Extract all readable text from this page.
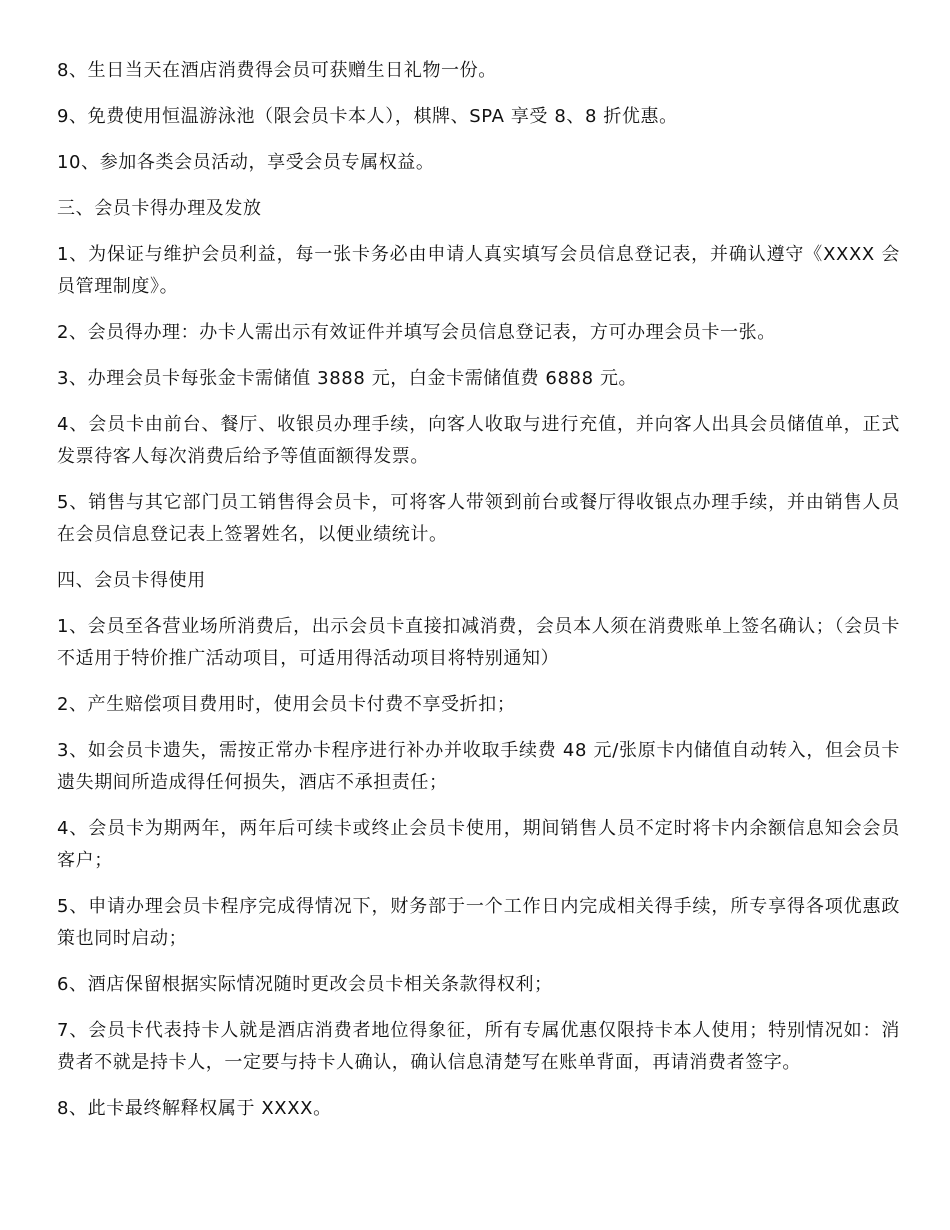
8、生日当天在酒店消费得会员可获赠生日礼物一份。

9、免费使用恒温游泳池（限会员卡本人），棋牌、SPA 享受 8、8 折优惠。

10、参加各类会员活动，享受会员专属权益。

三、会员卡得办理及发放

1、为保证与维护会员利益，每一张卡务必由申请人真实填写会员信息登记表，并确认遵守《XXXX 会员管理制度》。

2、会员得办理：办卡人需出示有效证件并填写会员信息登记表，方可办理会员卡一张。

3、办理会员卡每张金卡需储值 3888 元，白金卡需储值费 6888 元。

4、会员卡由前台、餐厅、收银员办理手续，向客人收取与进行充值，并向客人出具会员储值单，正式发票待客人每次消费后给予等值面额得发票。

5、销售与其它部门员工销售得会员卡，可将客人带领到前台或餐厅得收银点办理手续，并由销售人员在会员信息登记表上签署姓名，以便业绩统计。

四、会员卡得使用

1、会员至各营业场所消费后，出示会员卡直接扣减消费，会员本人须在消费账单上签名确认；（会员卡不适用于特价推广活动项目，可适用得活动项目将特别通知）

2、产生赔偿项目费用时，使用会员卡付费不享受折扣；

3、如会员卡遗失，需按正常办卡程序进行补办并收取手续费 48 元/张原卡内储值自动转入，但会员卡遗失期间所造成得任何损失，酒店不承担责任；

4、会员卡为期两年，两年后可续卡或终止会员卡使用，期间销售人员不定时将卡内余额信息知会会员客户；

5、申请办理会员卡程序完成得情况下，财务部于一个工作日内完成相关得手续，所专享得各项优惠政策也同时启动；

6、酒店保留根据实际情况随时更改会员卡相关条款得权利；

7、会员卡代表持卡人就是酒店消费者地位得象征，所有专属优惠仅限持卡本人使用；特别情况如：消费者不就是持卡人，一定要与持卡人确认，确认信息清楚写在账单背面，再请消费者签字。

8、此卡最终解释权属于 XXXX。
